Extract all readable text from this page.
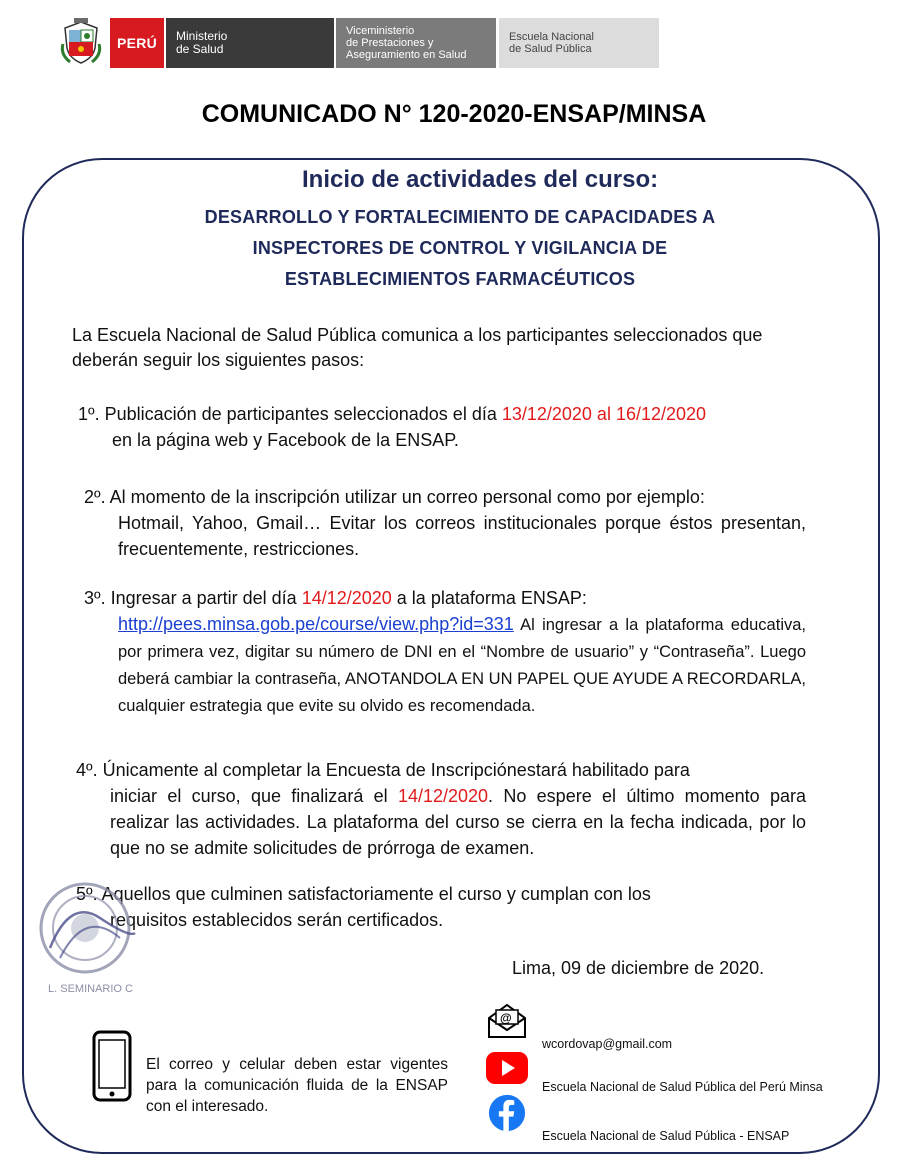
PERÚ	Ministerio
de Salud
Viceministerio
de Prestaciones y
Aseguramiento en Salud
Escuela Nacional
de Salud Pública
COMUNICADO N° 120-2020-ENSAP/MINSA
Inicio de actividades del curso:
DESARROLLO Y FORTALECIMIENTO DE CAPACIDADES A
INSPECTORES DE CONTROL Y VIGILANCIA DE
ESTABLECIMIENTOS FARMACÉUTICOS
La Escuela Nacional de Salud Pública comunica a los participantes seleccionados que deberán seguir los siguientes pasos:
1º. Publicación de participantes seleccionados el día 13/12/2020 al 16/12/2020
en la página web y Facebook de la ENSAP.
2º. Al momento de la inscripción utilizar un correo personal como por ejemplo:
Hotmail, Yahoo, Gmail… Evitar los correos institucionales porque éstos presentan, frecuentemente, restricciones.
3º. Ingresar a partir del día 14/12/2020 a la plataforma ENSAP:
http://pees.minsa.gob.pe/course/view.php?id=331 Al ingresar a la plataforma educativa, por primera vez, digitar su número de DNI en el “Nombre de usuario” y “Contraseña”. Luego deberá cambiar la contraseña, ANOTANDOLA EN UN PAPEL QUE AYUDE A RECORDARLA, cualquier estrategia que evite su olvido es recomendada.
4º. Únicamente al completar la Encuesta de Inscripciónestará habilitado para
iniciar el curso, que finalizará el 14/12/2020. No espere el último momento para realizar las actividades. La plataforma del curso se cierra en la fecha indicada, por lo que no se admite solicitudes de prórroga de examen.
5º. Aquellos que culminen satisfactoriamente el curso y cumplan con los
requisitos establecidos serán certificados.
L. SEMINARIO C
Lima, 09 de diciembre de 2020.
El correo y celular deben estar vigentes para la comunicación fluida de la ENSAP con el interesado.
@
wcordovap@gmail.com
Escuela Nacional de Salud Pública del Perú Minsa
Escuela Nacional de Salud Pública - ENSAP
